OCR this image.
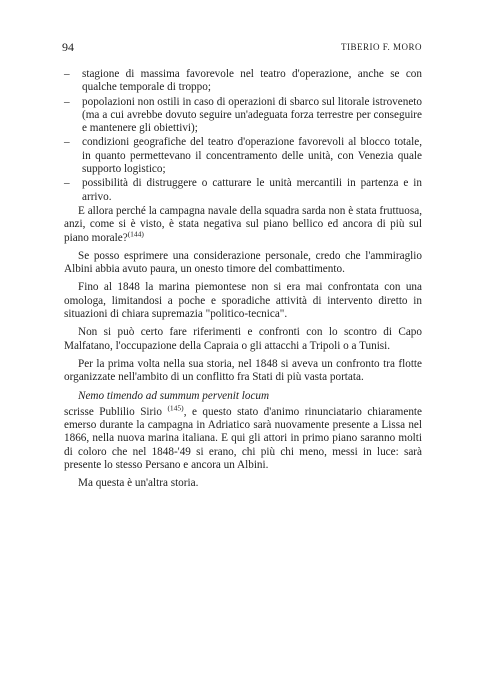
94	TIBERIO F. MORO
– stagione di massima favorevole nel teatro d'operazione, anche se con qualche temporale di troppo;
– popolazioni non ostili in caso di operazioni di sbarco sul litorale istroveneto (ma a cui avrebbe dovuto seguire un'adeguata forza terrestre per conseguire e mantenere gli obiettivi);
– condizioni geografiche del teatro d'operazione favorevoli al blocco totale, in quanto permettevano il concentramento delle unità, con Venezia quale supporto logistico;
– possibilità di distruggere o catturare le unità mercantili in partenza e in arrivo.

E allora perché la campagna navale della squadra sarda non è stata fruttuosa, anzi, come si è visto, è stata negativa sul piano bellico ed ancora di più sul piano morale?$^{(144)}$

Se posso esprimere una considerazione personale, credo che l'ammiraglio Albini abbia avuto paura, un onesto timore del combattimento.

Fino al 1848 la marina piemontese non si era mai confrontata con una omologa, limitandosi a poche e sporadiche attività di intervento diretto in situazioni di chiara supremazia "politico-tecnica".

Non si può certo fare riferimenti e confronti con lo scontro di Capo Malfatano, l'occupazione della Capraia o gli attacchi a Tripoli o a Tunisi.

Per la prima volta nella sua storia, nel 1848 si aveva un confronto tra flotte organizzate nell'ambito di un conflitto fra Stati di più vasta portata.

Nemo timendo ad summum pervenit locum

scrisse Publilio Sirio $^{(145)}$, e questo stato d'animo rinunciatario chiaramente emerso durante la campagna in Adriatico sarà nuovamente presente a Lissa nel 1866, nella nuova marina italiana. E qui gli attori in primo piano saranno molti di coloro che nel 1848-'49 si erano, chi più chi meno, messi in luce: sarà presente lo stesso Persano e ancora un Albini.

Ma questa è un'altra storia.
